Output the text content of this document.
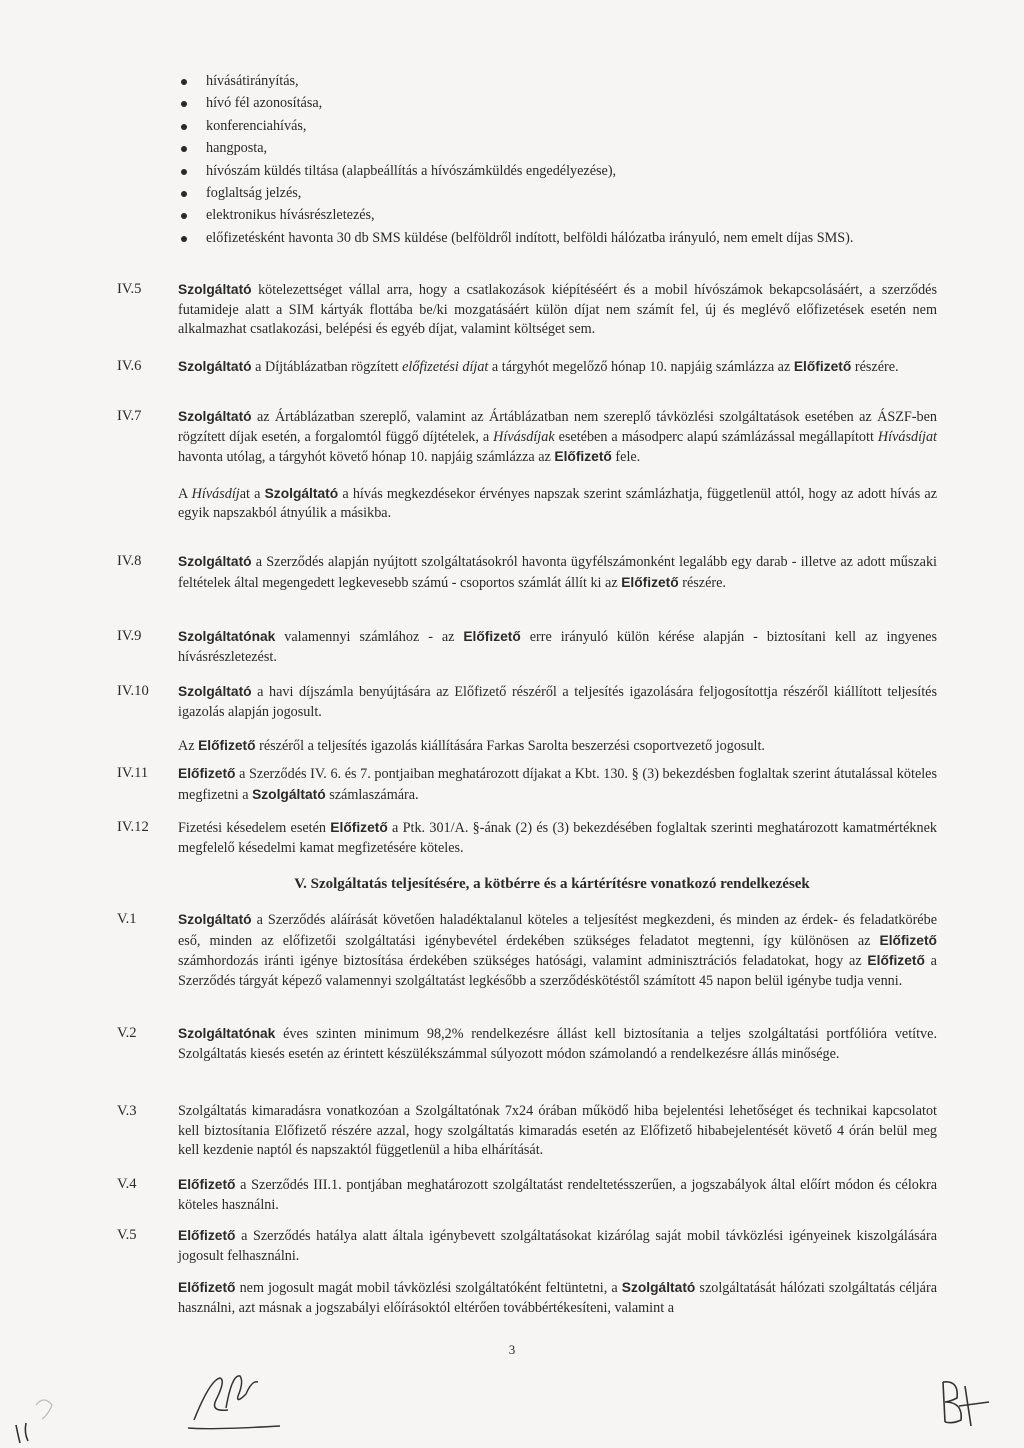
hívásátirányítás,
hívó fél azonosítása,
konferenciahívás,
hangposta,
hívószám küldés tiltása (alapbeállítás a hívószámküldés engedélyezése),
foglaltság jelzés,
elektronikus hívásrészletezés,
előfizetésként havonta 30 db SMS küldése (belföldről indított, belföldi hálózatba irányuló, nem emelt díjas SMS).
IV.5	Szolgáltató kötelezettséget vállal arra, hogy a csatlakozások kiépítéséért és a mobil hívószámok bekapcsolásáért, a szerződés futamideje alatt a SIM kártyák flottába be/ki mozgatásáért külön díjat nem számít fel, új és meglévő előfizetések esetén nem alkalmazhat csatlakozási, belépési és egyéb díjat, valamint költséget sem.

IV.6	Szolgáltató a Díjtáblázatban rögzített előfizetési díjat a tárgyhót megelőző hónap 10. napjáig számlázza az Előfizető részére.

IV.7	Szolgáltató az Ártáblázatban szereplő, valamint az Ártáblázatban nem szereplő távközlési szolgáltatások esetében az ÁSZF-ben rögzített díjak esetén, a forgalomtól függő díjtételek, a Hívásdíjak esetében a másodperc alapú számlázással megállapított Hívásdíjat havonta utólag, a tárgyhót követő hónap 10. napjáig számlázza az Előfizető fele.

A Hívásdíjat a Szolgáltató a hívás megkezdésekor érvényes napszak szerint számlázhatja, függetlenül attól, hogy az adott hívás az egyik napszakból átnyúlik a másikba.

IV.8	Szolgáltató a Szerződés alapján nyújtott szolgáltatásokról havonta ügyfélszámonként legalább egy darab - illetve az adott műszaki feltételek által megengedett legkevesebb számú - csoportos számlát állít ki az Előfizető részére.

IV.9	Szolgáltatónak valamennyi számlához - az Előfizető erre irányuló külön kérése alapján - biztosítani kell az ingyenes hívásrészletezést.

IV.10	Szolgáltató a havi díjszámla benyújtására az Előfizető részéről a teljesítés igazolására feljogosítottja részéről kiállított teljesítés igazolás alapján jogosult.

Az Előfizető részéről a teljesítés igazolás kiállítására Farkas Sarolta beszerzési csoportvezető jogosult.

IV.11	Előfizető a Szerződés IV. 6. és 7. pontjaiban meghatározott díjakat a Kbt. 130. § (3) bekezdésben foglaltak szerint átutalással köteles megfizetni a Szolgáltató számlaszámára.

IV.12	Fizetési késedelem esetén Előfizető a Ptk. 301/A. §-ának (2) és (3) bekezdésében foglaltak szerinti meghatározott kamatmértéknek megfelelő késedelmi kamat megfizetésére köteles.

V. Szolgáltatás teljesítésére, a kötbérre és a kártérítésre vonatkozó rendelkezések
V.1	Szolgáltató a Szerződés aláírását követően haladéktalanul köteles a teljesítést megkezdeni, és minden az érdek- és feladatkörébe eső, minden az előfizetői szolgáltatási igénybevétel érdekében szükséges feladatot megtenni, így különösen az Előfizető számhordozás iránti igénye biztosítása érdekében szükséges hatósági, valamint adminisztrációs feladatokat, hogy az Előfizető a Szerződés tárgyát képező valamennyi szolgáltatást legkésőbb a szerződéskötéstől számított 45 napon belül igénybe tudja venni.

V.2	Szolgáltatónak éves szinten minimum 98,2% rendelkezésre állást kell biztosítania a teljes szolgáltatási portfólióra vetítve. Szolgáltatás kiesés esetén az érintett készülékszámmal súlyozott módon számolandó a rendelkezésre állás minősége.

V.3	Szolgáltatás kimaradásra vonatkozóan a Szolgáltatónak 7x24 órában működő hiba bejelentési lehetőséget és technikai kapcsolatot kell biztosítania Előfizető részére azzal, hogy szolgáltatás kimaradás esetén az Előfizető hibabejelentését követő 4 órán belül meg kell kezdenie naptól és napszaktól függetlenül a hiba elhárítását.

V.4	Előfizető a Szerződés III.1. pontjában meghatározott szolgáltatást rendeltetésszerűen, a jogszabályok által előírt módon és célokra köteles használni.

V.5	Előfizető a Szerződés hatálya alatt általa igénybevett szolgáltatásokat kizárólag saját mobil távközlési igényeinek kiszolgálására jogosult felhasználni.

Előfizető nem jogosult magát mobil távközlési szolgáltatóként feltüntetni, a Szolgáltató szolgáltatását hálózati szolgáltatás céljára használni, azt másnak a jogszabályi előírásoktól eltérően továbbértékesíteni, valamint a

3
